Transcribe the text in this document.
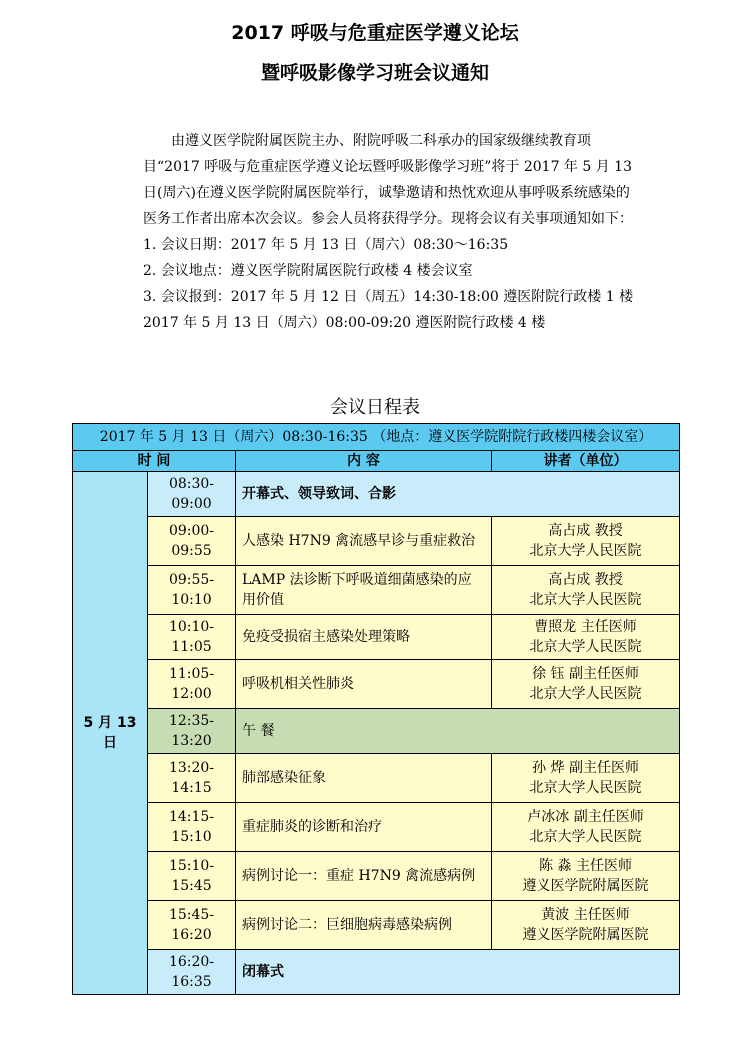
2017 呼吸与危重症医学遵义论坛
暨呼吸影像学习班会议通知

由遵义医学院附属医院主办、附院呼吸二科承办的国家级继续教育项目“2017 呼吸与危重症医学遵义论坛暨呼吸影像学习班”将于 2017 年 5 月 13 日(周六)在遵义医学院附属医院举行，诚挚邀请和热忱欢迎从事呼吸系统感染的医务工作者出席本次会议。参会人员将获得学分。现将会议有关事项通知如下：

1. 会议日期：2017 年 5 月 13 日（周六）08:30～16:35

2. 会议地点：遵义医学院附属医院行政楼 4 楼会议室

3. 会议报到：2017 年 5 月 12 日（周五）14:30-18:00 遵医附院行政楼 1 楼

2017 年 5 月 13 日（周六）08:00-09:20 遵医附院行政楼 4 楼

会议日程表
2017 年 5 月 13 日（周六）08:30-16:35 （地点：遵义医学院附院行政楼四楼会议室）			
时 间		内 容	讲者（单位）
5 月 13 日	08:30-09:00	开幕式、领导致词、合影	
	09:00-09:55	人感染 H7N9 禽流感早诊与重症救治	高占成 教授
北京大学人民医院

	09:55-10:10	LAMP 法诊断下呼吸道细菌感染的应用价值	高占成 教授
北京大学人民医院

	10:10-11:05	免疫受损宿主感染处理策略	曹照龙 主任医师
北京大学人民医院

	11:05-12:00	呼吸机相关性肺炎	徐 钰 副主任医师
北京大学人民医院

	12:35-13:20	午 餐	
	13:20-14:15	肺部感染征象	孙 烨 副主任医师
北京大学人民医院

	14:15-15:10	重症肺炎的诊断和治疗	卢冰冰 副主任医师
北京大学人民医院

	15:10-15:45	病例讨论一：重症 H7N9 禽流感病例	陈 淼 主任医师
遵义医学院附属医院

	15:45-16:20	病例讨论二：巨细胞病毒感染病例	黄波 主任医师
遵义医学院附属医院

	16:20-16:35	闭幕式	
